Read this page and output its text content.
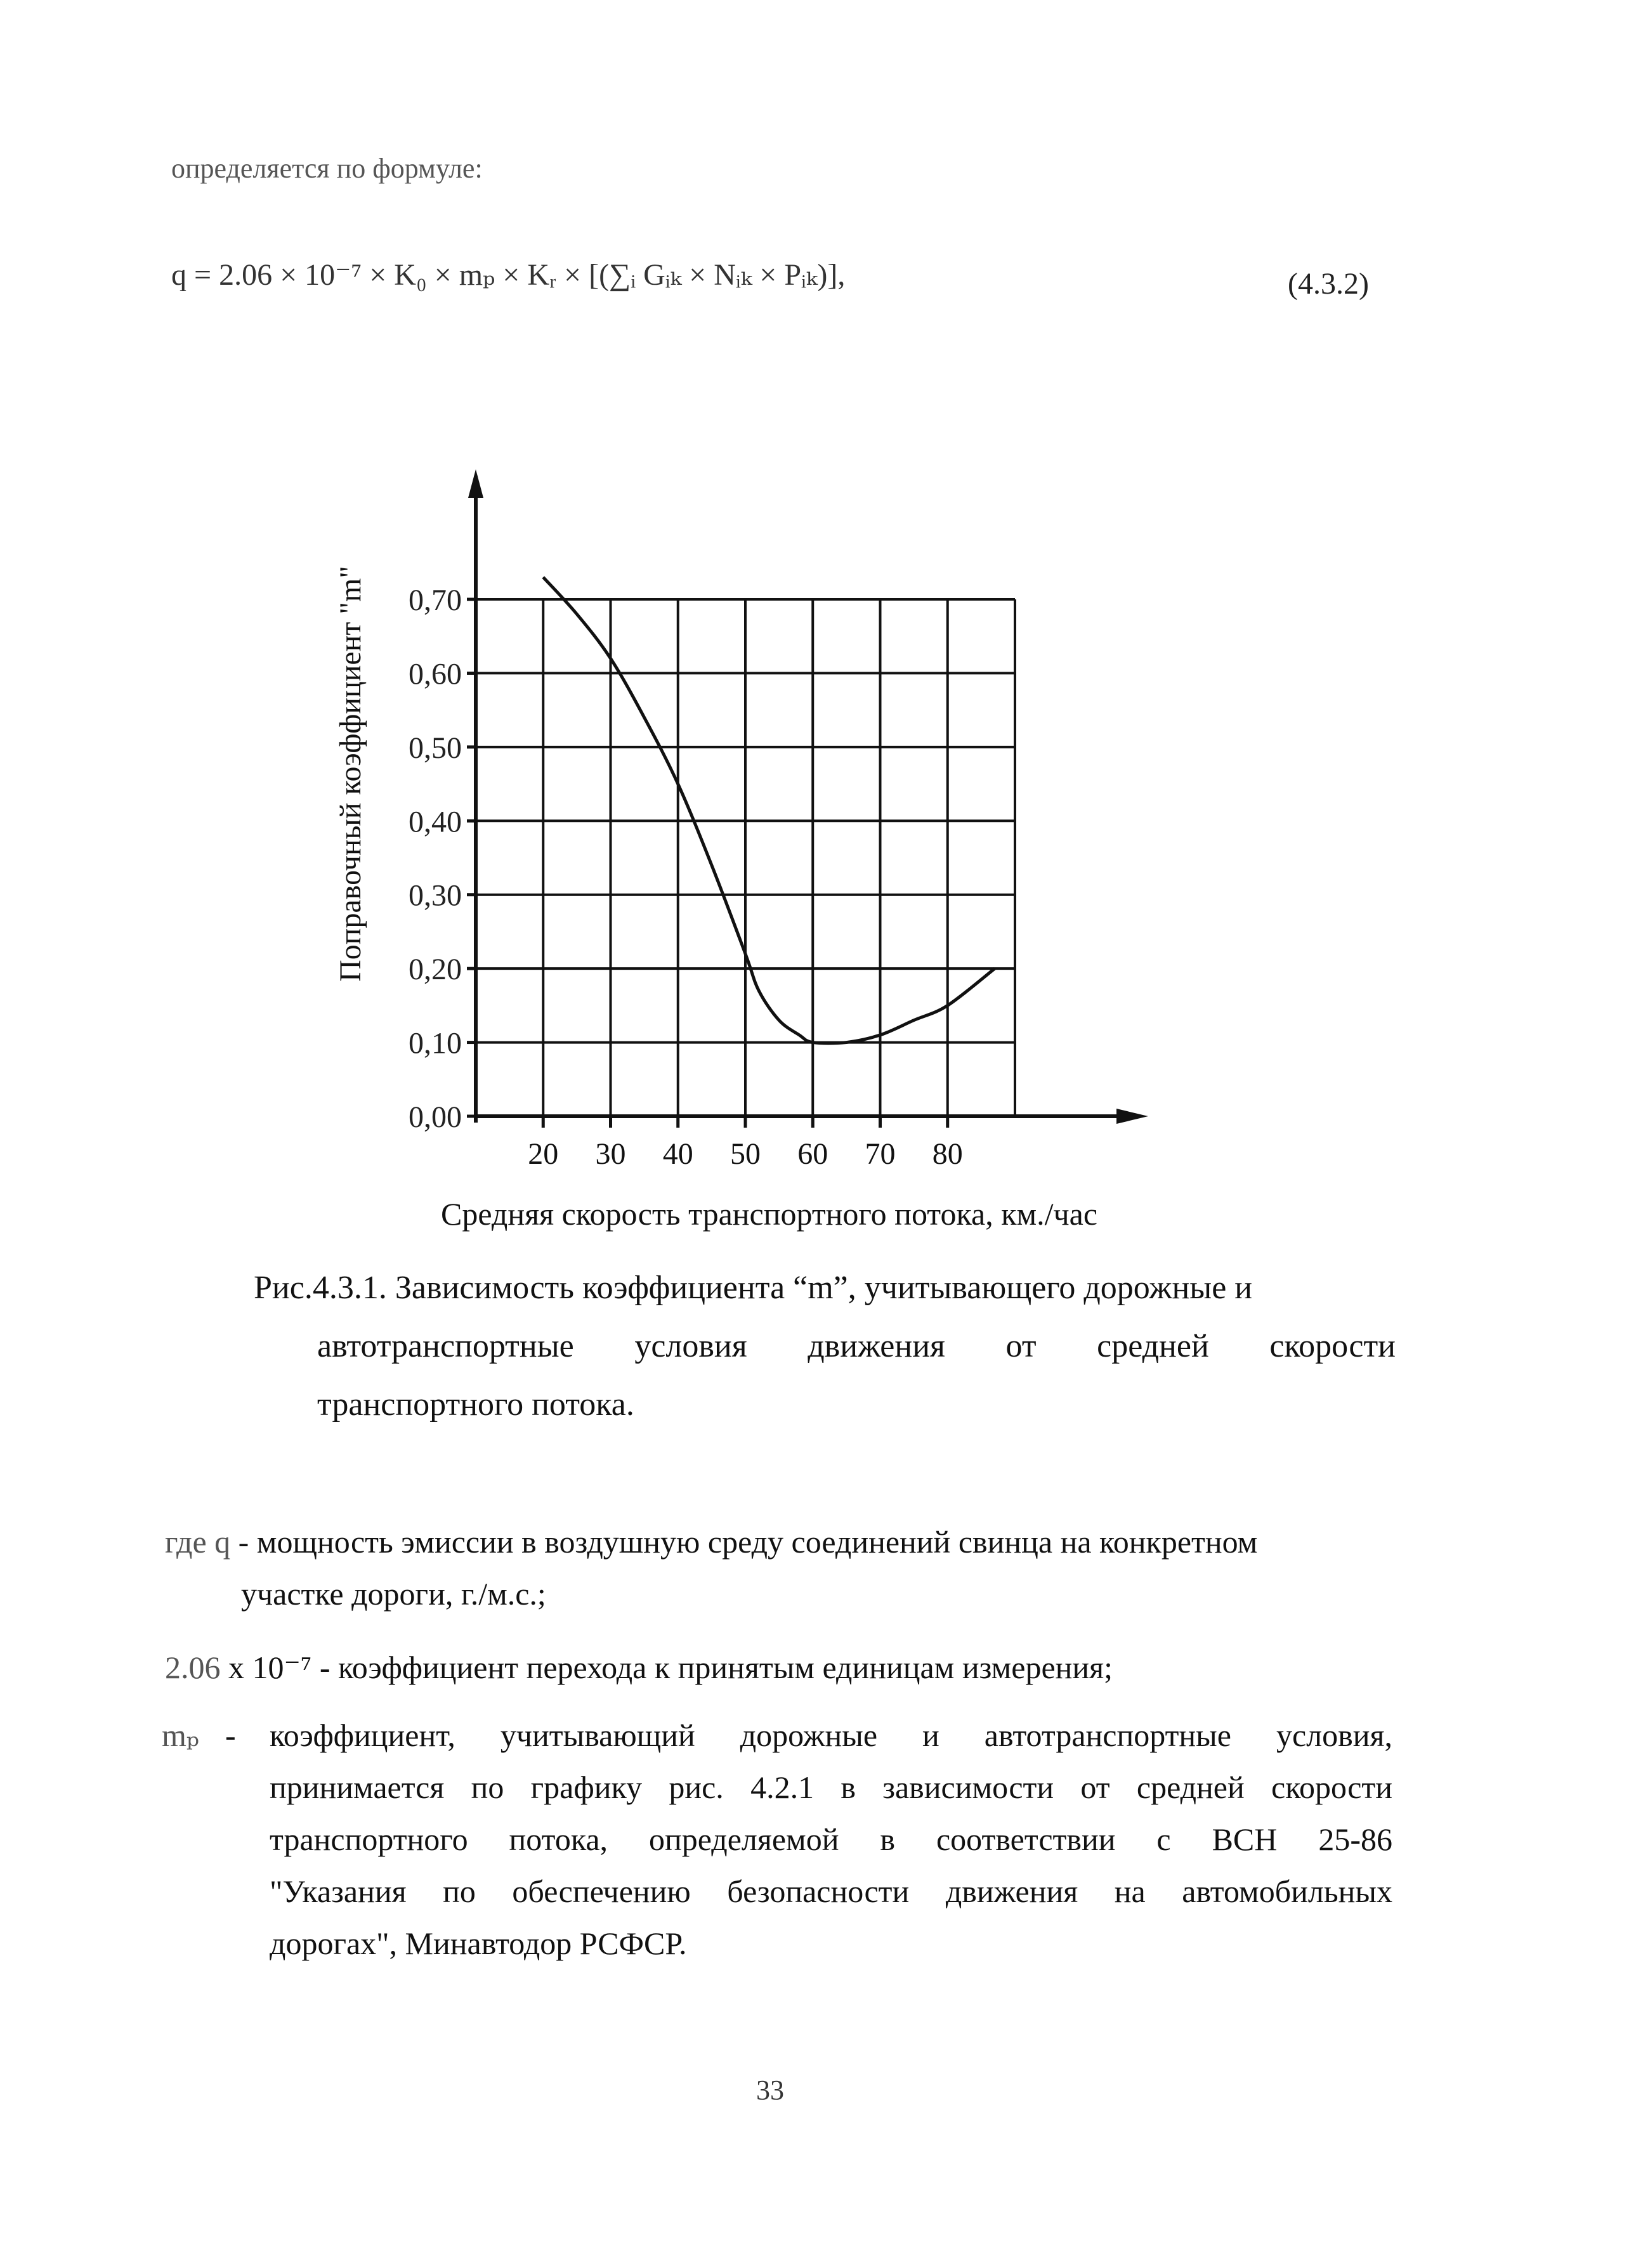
определяется по формуле:
q = 2.06 × 10⁻⁷ × K₀ × mₚ × Kᵣ × [(∑ᵢ Gᵢₖ × Nᵢₖ × Pᵢₖ)],	(4.3.2)
0,00
0,10
0,20
0,30
0,40
0,50
0,60
0,70
20 30 40 50 60 70 80
Поправочный коэффициент "m"
Средняя скорость транспортного потока, км./час
Рис.4.3.1. Зависимость коэффициента “m”, учитывающего дорожные и
автотранспортные условия движения от средней скорости
транспортного потока.
где q - мощность эмиссии в воздушную среду соединений свинца на конкретном
участке дороги, г./м.с.;
2.06 x 10⁻⁷ - коэффициент перехода к принятым единицам измерения;
mₚ -	коэффициент, учитывающий дорожные и автотранспортные условия,
принимается по графику рис. 4.2.1 в зависимости от средней скорости
транспортного потока, определяемой в соответствии с ВСН 25-86
"Указания по обеспечению безопасности движения на автомобильных
дорогах", Минавтодор РСФСР.
33
